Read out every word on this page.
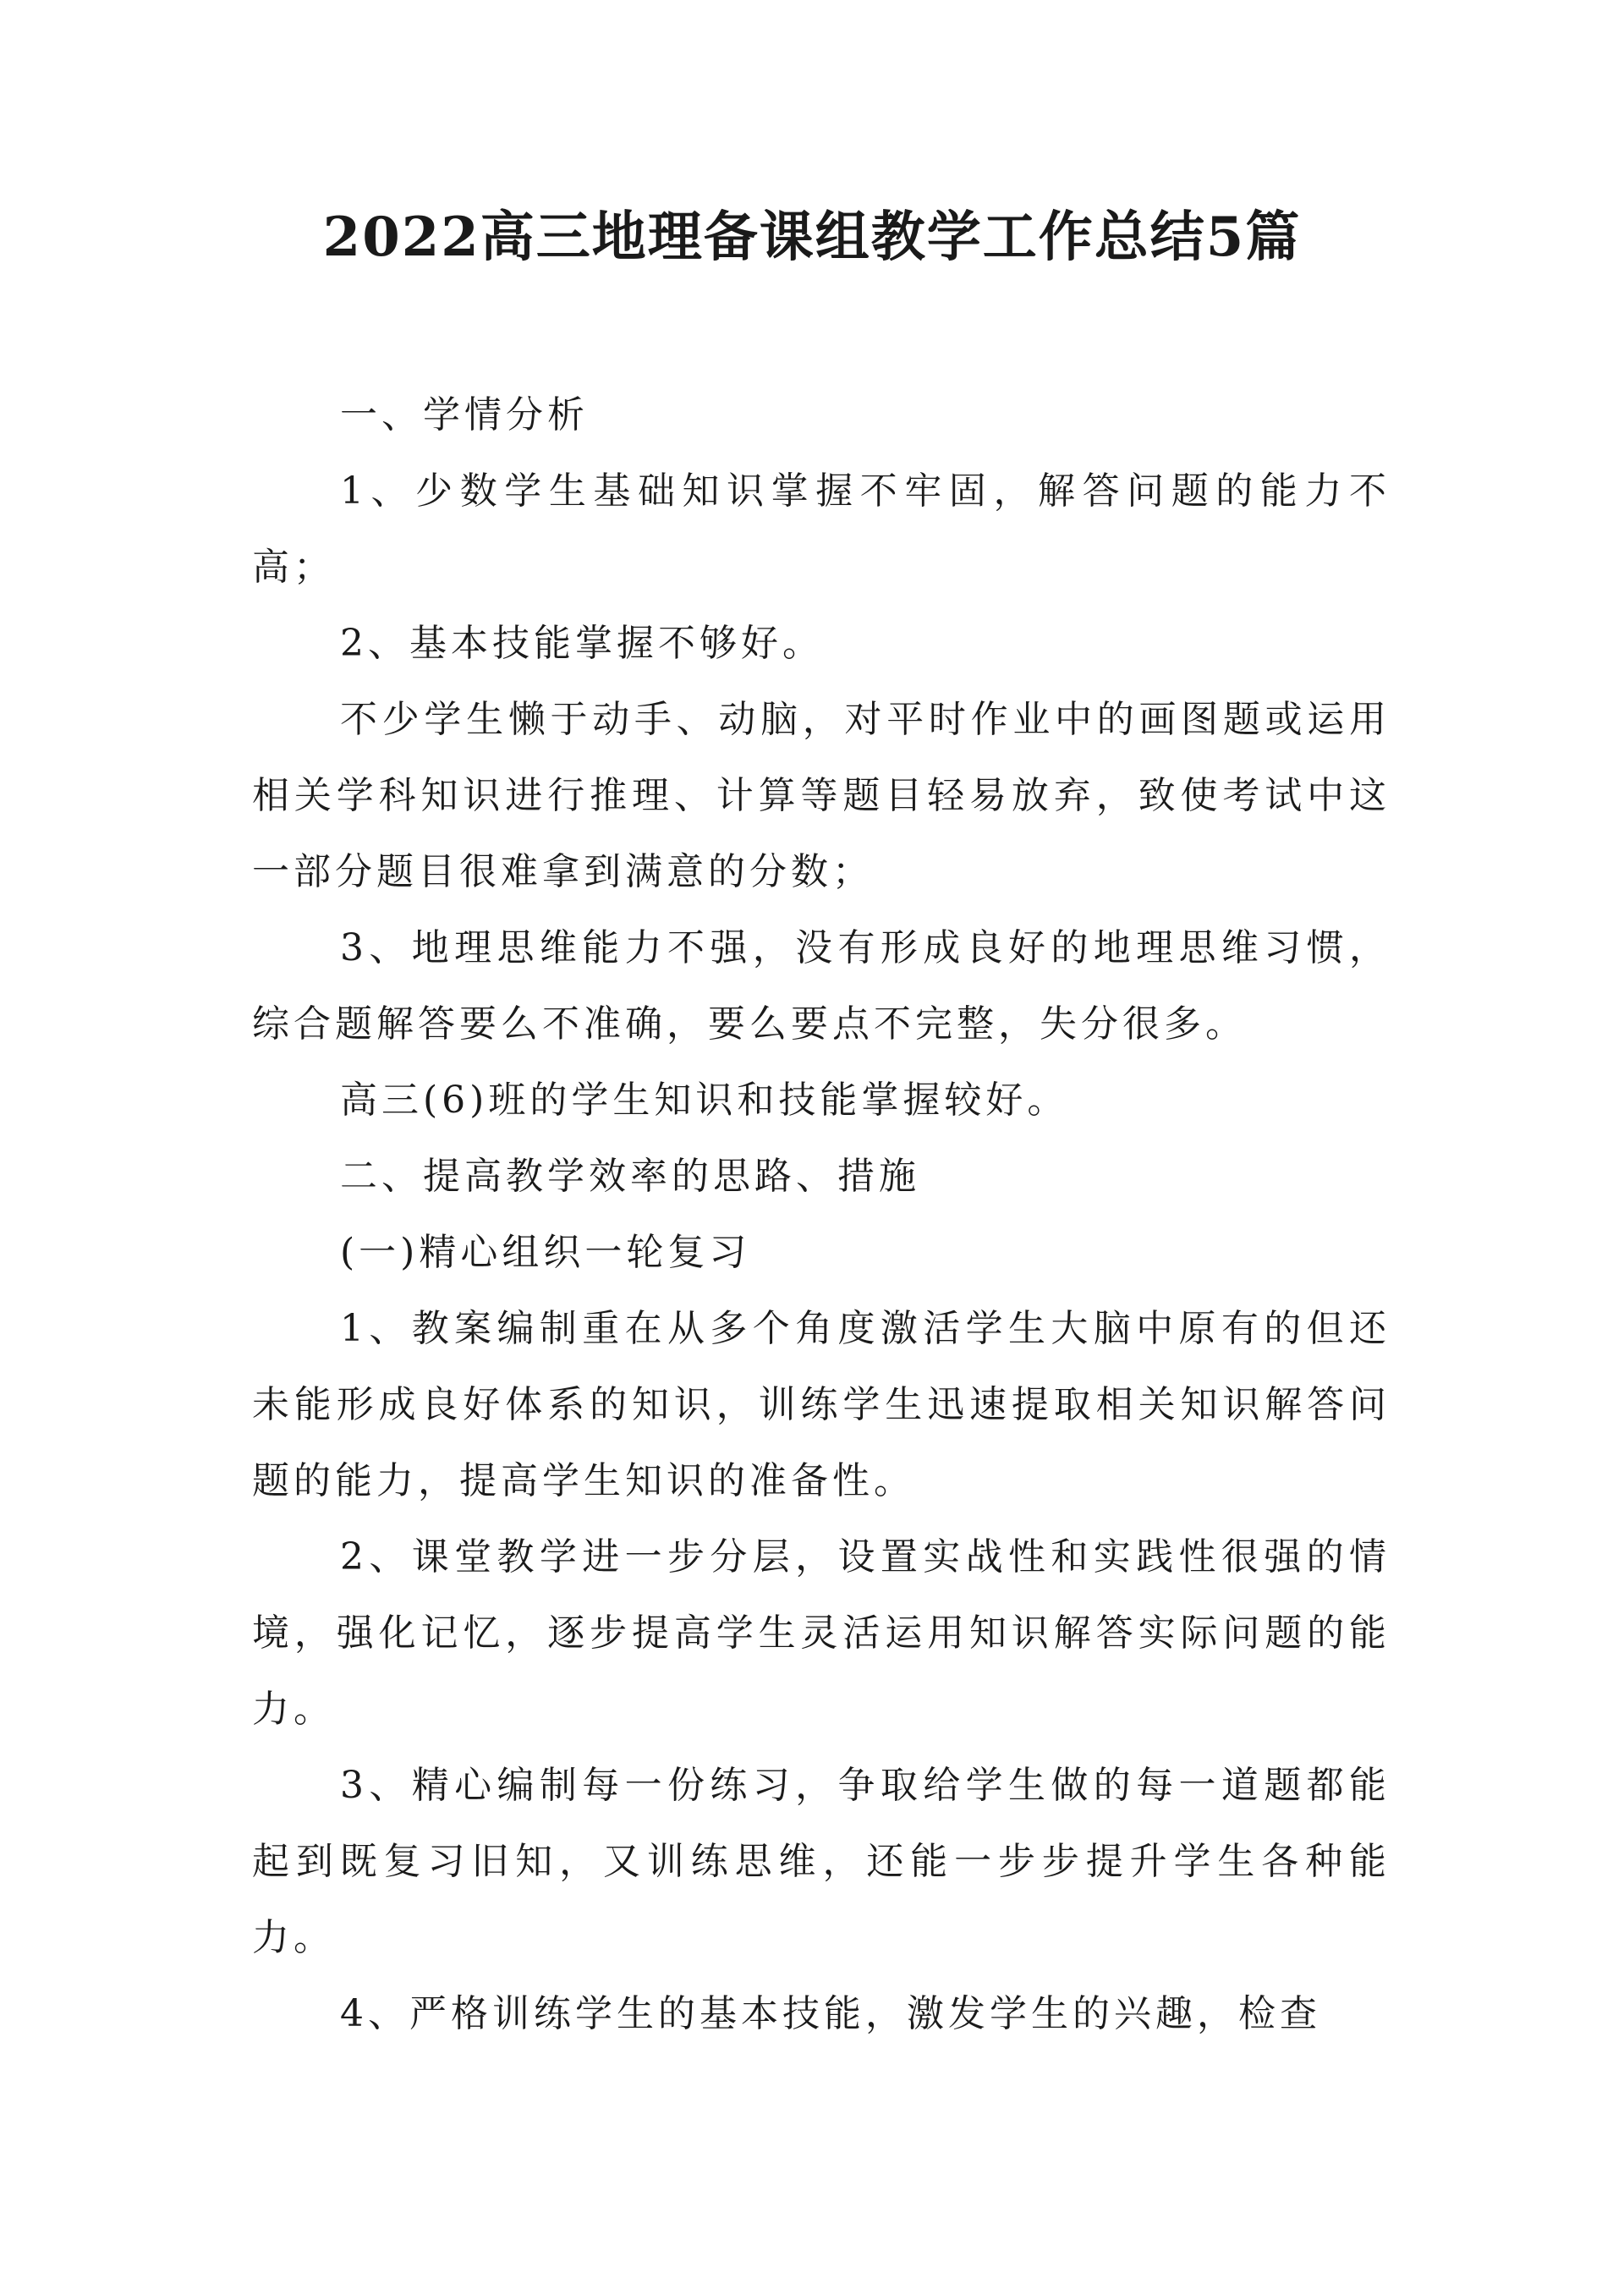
2022高三地理备课组教学工作总结5篇

一、学情分析

1、少数学生基础知识掌握不牢固，解答问题的能力不高；

2、基本技能掌握不够好。

不少学生懒于动手、动脑，对平时作业中的画图题或运用相关学科知识进行推理、计算等题目轻易放弃，致使考试中这一部分题目很难拿到满意的分数；

3、地理思维能力不强，没有形成良好的地理思维习惯，综合题解答要么不准确，要么要点不完整，失分很多。

高三(6)班的学生知识和技能掌握较好。

二、提高教学效率的思路、措施

(一)精心组织一轮复习

1、教案编制重在从多个角度激活学生大脑中原有的但还未能形成良好体系的知识，训练学生迅速提取相关知识解答问题的能力，提高学生知识的准备性。

2、课堂教学进一步分层，设置实战性和实践性很强的情境，强化记忆，逐步提高学生灵活运用知识解答实际问题的能力。

3、精心编制每一份练习，争取给学生做的每一道题都能起到既复习旧知，又训练思维，还能一步步提升学生各种能力。

4、严格训练学生的基本技能，激发学生的兴趣，检查
